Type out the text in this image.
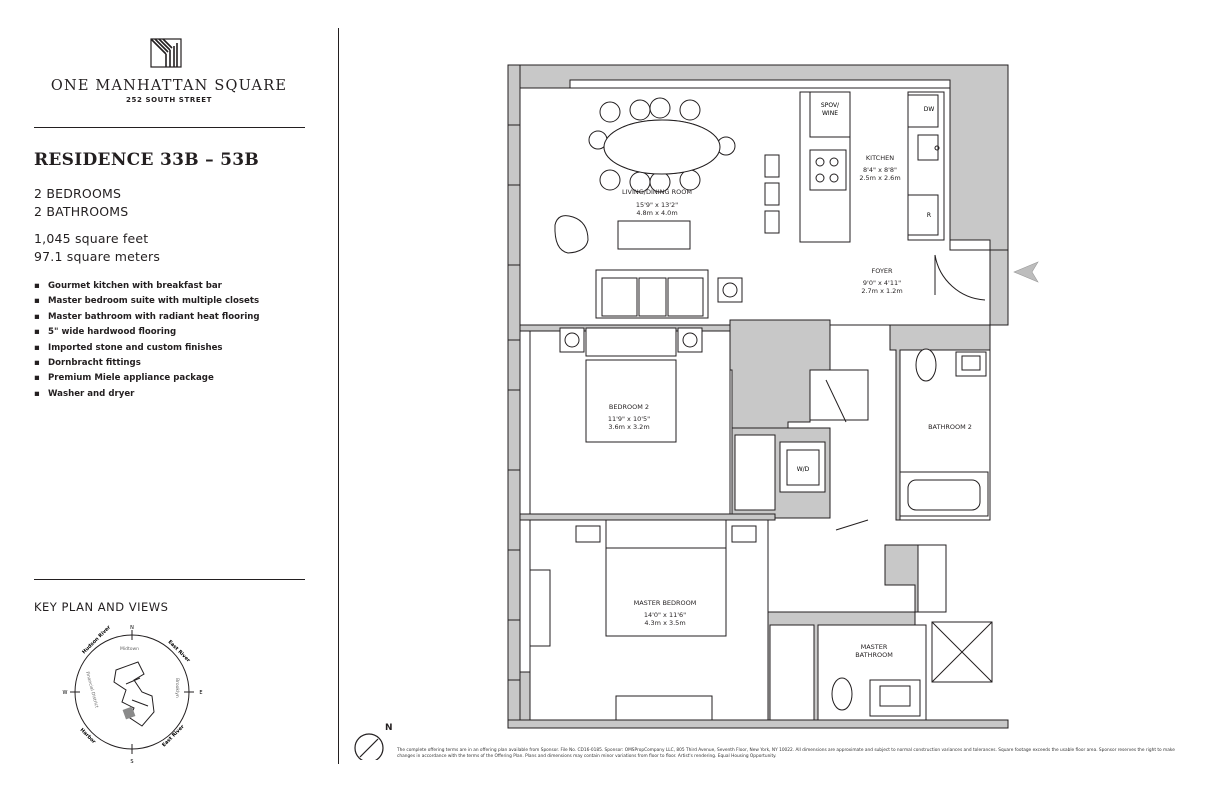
ONE MANHATTAN SQUARE
252 SOUTH STREET
RESIDENCE 33B – 53B
2 BEDROOMS
2 BATHROOMS
1,045 square feet
97.1 square meters
▪ Gourmet kitchen with breakfast bar
▪ Master bedroom suite with multiple closets
▪ Master bathroom with radiant heat flooring
▪ 5" wide hardwood flooring
▪ Imported stone and custom finishes
▪ Dornbracht fittings
▪ Premium Miele appliance package
▪ Washer and dryer
KEY PLAN AND VIEWS
N
S
W	E
Hudson River	East River
East River
Harbor
Midtown
Brooklyn
Financial District
SPOV/
WINE
DW
R
W/D
LIVING/DINING ROOM
15'9" x 13'2"
4.8m x 4.0m
KITCHEN
8'4" x 8'8"
2.5m x 2.6m
FOYER
9'0" x 4'11"
2.7m x 1.2m
BEDROOM 2
11'9" x 10'5"
3.6m x 3.2m	BATHROOM 2
MASTER BEDROOM
14'0" x 11'6"
4.3m x 3.5m
MASTER
BATHROOM
N
The complete offering terms are in an offering plan available from Sponsor. File No. CD16-0185. Sponsor: OMSPropCompany LLC, 805 Third Avenue, Seventh Floor, New York, NY 10022. All dimensions are approximate and subject to normal construction variances and tolerances. Square footage exceeds the usable floor area. Sponsor reserves the right to make changes in accordance with the terms of the Offering Plan. Plans and dimensions may contain minor variations from floor to floor. Artist's rendering. Equal Housing Opportunity.
